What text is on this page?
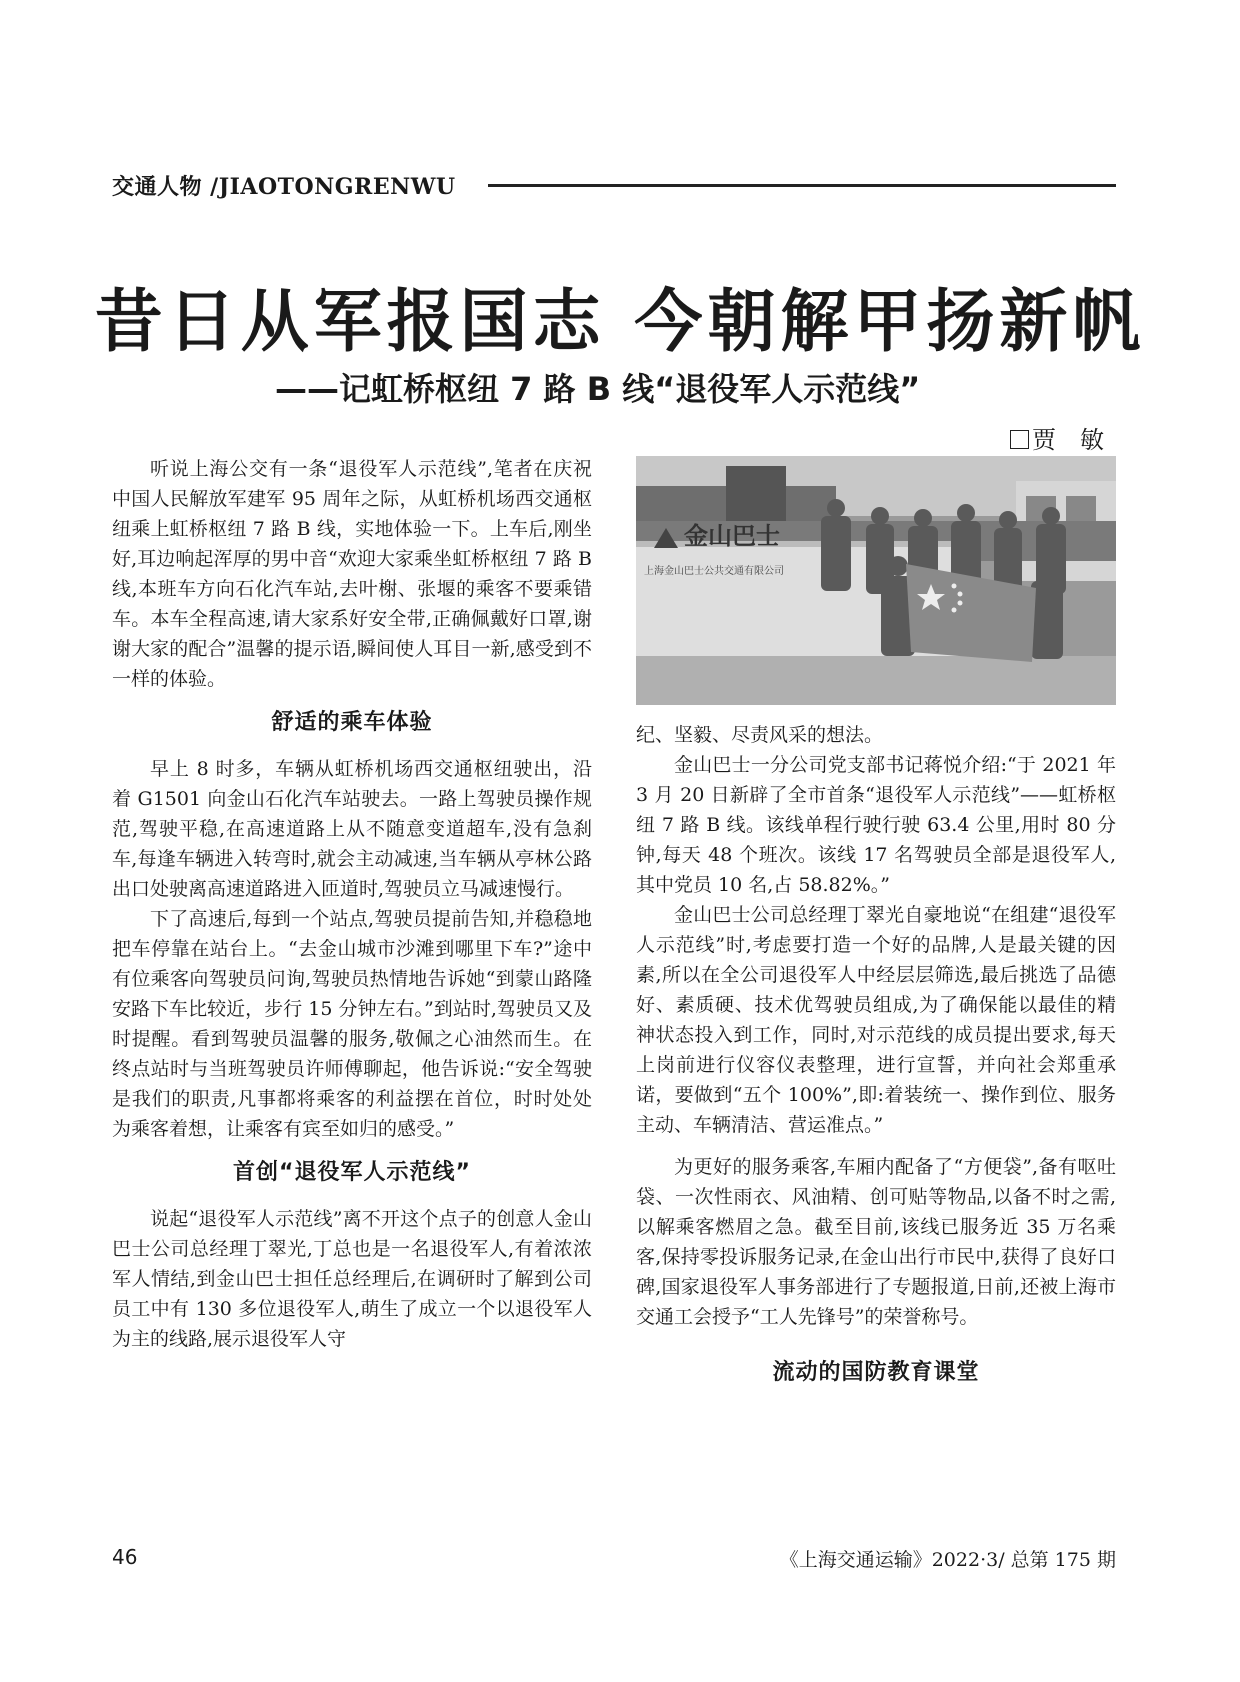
交通人物 /JIAOTONGRENWU
昔日从军报国志 今朝解甲扬新帆
——记虹桥枢纽 7 路 B 线“退役军人示范线”
贾　敏

听说上海公交有一条“退役军人示范线”,笔者在庆祝中国人民解放军建军 95 周年之际，从虹桥机场西交通枢纽乘上虹桥枢纽 7 路 B 线，实地体验一下。上车后,刚坐好,耳边响起浑厚的男中音“欢迎大家乘坐虹桥枢纽 7 路 B 线,本班车方向石化汽车站,去叶榭、张堰的乘客不要乘错车。本车全程高速,请大家系好安全带,正确佩戴好口罩,谢谢大家的配合”温馨的提示语,瞬间使人耳目一新,感受到不一样的体验。

舒适的乘车体验

早上 8 时多，车辆从虹桥机场西交通枢纽驶出，沿着 G1501 向金山石化汽车站驶去。一路上驾驶员操作规范,驾驶平稳,在高速道路上从不随意变道超车,没有急刹车,每逢车辆进入转弯时,就会主动减速,当车辆从亭林公路出口处驶离高速道路进入匝道时,驾驶员立马减速慢行。

下了高速后,每到一个站点,驾驶员提前告知,并稳稳地把车停靠在站台上。“去金山城市沙滩到哪里下车?”途中有位乘客向驾驶员问询,驾驶员热情地告诉她“到蒙山路隆安路下车比较近，步行 15 分钟左右。”到站时,驾驶员又及时提醒。看到驾驶员温馨的服务,敬佩之心油然而生。在终点站时与当班驾驶员许师傅聊起，他告诉说:“安全驾驶是我们的职责,凡事都将乘客的利益摆在首位，时时处处为乘客着想，让乘客有宾至如归的感受。”

首创“退役军人示范线”

说起“退役军人示范线”离不开这个点子的创意人金山巴士公司总经理丁翠光,丁总也是一名退役军人,有着浓浓军人情结,到金山巴士担任总经理后,在调研时了解到公司员工中有 130 多位退役军人,萌生了成立一个以退役军人为主的线路,展示退役军人守

金山巴士
上海金山巴士公共交通有限公司

纪、坚毅、尽责风采的想法。

金山巴士一分公司党支部书记蒋悦介绍:“于 2021 年 3 月 20 日新辟了全市首条“退役军人示范线”——虹桥枢纽 7 路 B 线。该线单程行驶行驶 63.4 公里,用时 80 分钟,每天 48 个班次。该线 17 名驾驶员全部是退役军人,其中党员 10 名,占 58.82%。”

金山巴士公司总经理丁翠光自豪地说“在组建“退役军人示范线”时,考虑要打造一个好的品牌,人是最关键的因素,所以在全公司退役军人中经层层筛选,最后挑选了品德好、素质硬、技术优驾驶员组成,为了确保能以最佳的精神状态投入到工作，同时,对示范线的成员提出要求,每天上岗前进行仪容仪表整理，进行宣誓，并向社会郑重承诺，要做到“五个 100%”,即:着装统一、操作到位、服务主动、车辆清洁、营运准点。”

为更好的服务乘客,车厢内配备了“方便袋”,备有呕吐袋、一次性雨衣、风油精、创可贴等物品,以备不时之需,以解乘客燃眉之急。截至目前,该线已服务近 35 万名乘客,保持零投诉服务记录,在金山出行市民中,获得了良好口碑,国家退役军人事务部进行了专题报道,日前,还被上海市交通工会授予“工人先锋号”的荣誉称号。

流动的国防教育课堂
46	《上海交通运输》2022·3/ 总第 175 期
